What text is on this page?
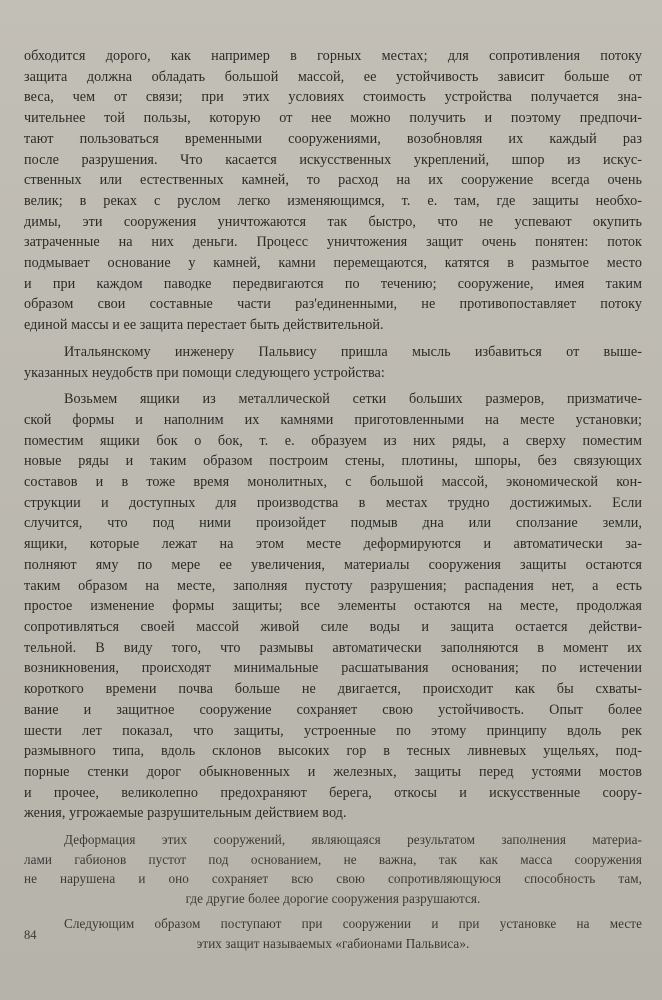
обходится дорого, как например в горных местах; для сопротивления потоку
защита должна обладать большой массой, ее устойчивость зависит больше от
веса, чем от связи; при этих условиях стоимость устройства получается зна-
чительнее той пользы, которую от нее можно получить и поэтому предпочи-
тают пользоваться временными сооружениями, возобновляя их каждый раз
после разрушения. Что касается искусственных укреплений, шпор из искус-
ственных или естественных камней, то расход на их сооружение всегда очень
велик; в реках с руслом легко изменяющимся, т. е. там, где защиты необхо-
димы, эти сооружения уничтожаются так быстро, что не успевают окупить
затраченные на них деньги. Процесс уничтожения защит очень понятен: поток
подмывает основание у камней, камни перемещаются, катятся в размытое место
и при каждом паводке передвигаются по течению; сооружение, имея таким
образом свои составные части раз'единенными, не противопоставляет потоку
единой массы и ее защита перестает быть действительной.
Итальянскому инженеру Пальвису пришла мысль избавиться от выше-
указанных неудобств при помощи следующего устройства:
Возьмем ящики из металлической сетки больших размеров, призматиче-
ской формы и наполним их камнями приготовленными на месте установки;
поместим ящики бок о бок, т. е. образуем из них ряды, а сверху поместим
новые ряды и таким образом построим стены, плотины, шпоры, без связующих
составов и в тоже время монолитных, с большой массой, экономической кон-
струкции и доступных для производства в местах трудно достижимых. Если
случится, что под ними произойдет подмыв дна или сползание земли,
ящики, которые лежат на этом месте деформируются и автоматически за-
полняют яму по мере ее увеличения, материалы сооружения защиты остаются
таким образом на месте, заполняя пустоту разрушения; распадения нет, а есть
простое изменение формы защиты; все элементы остаются на месте, продолжая
сопротивляться своей массой живой силе воды и защита остается действи-
тельной. В виду того, что размывы автоматически заполняются в момент их
возникновения, происходят минимальные расшатывания основания; по истечении
короткого времени почва больше не двигается, происходит как бы схваты-
вание и защитное сооружение сохраняет свою устойчивость. Опыт более
шести лет показал, что защиты, устроенные по этому принципу вдоль рек
размывного типа, вдоль склонов высоких гор в тесных ливневых ущельях, под-
порные стенки дорог обыкновенных и железных, защиты перед устоями мостов
и прочее, великолепно предохраняют берега, откосы и искусственные соору-
жения, угрожаемые разрушительным действием вод.
Деформация этих сооружений, являющаяся результатом заполнения материа-
лами габионов пустот под основанием, не важна, так как масса сооружения
не нарушена и оно сохраняет всю свою сопротивляющуюся способность там,
где другие более дорогие сооружения разрушаются.
Следующим образом поступают при сооружении и при установке на месте
этих защит называемых «габионами Пальвиса».
84
